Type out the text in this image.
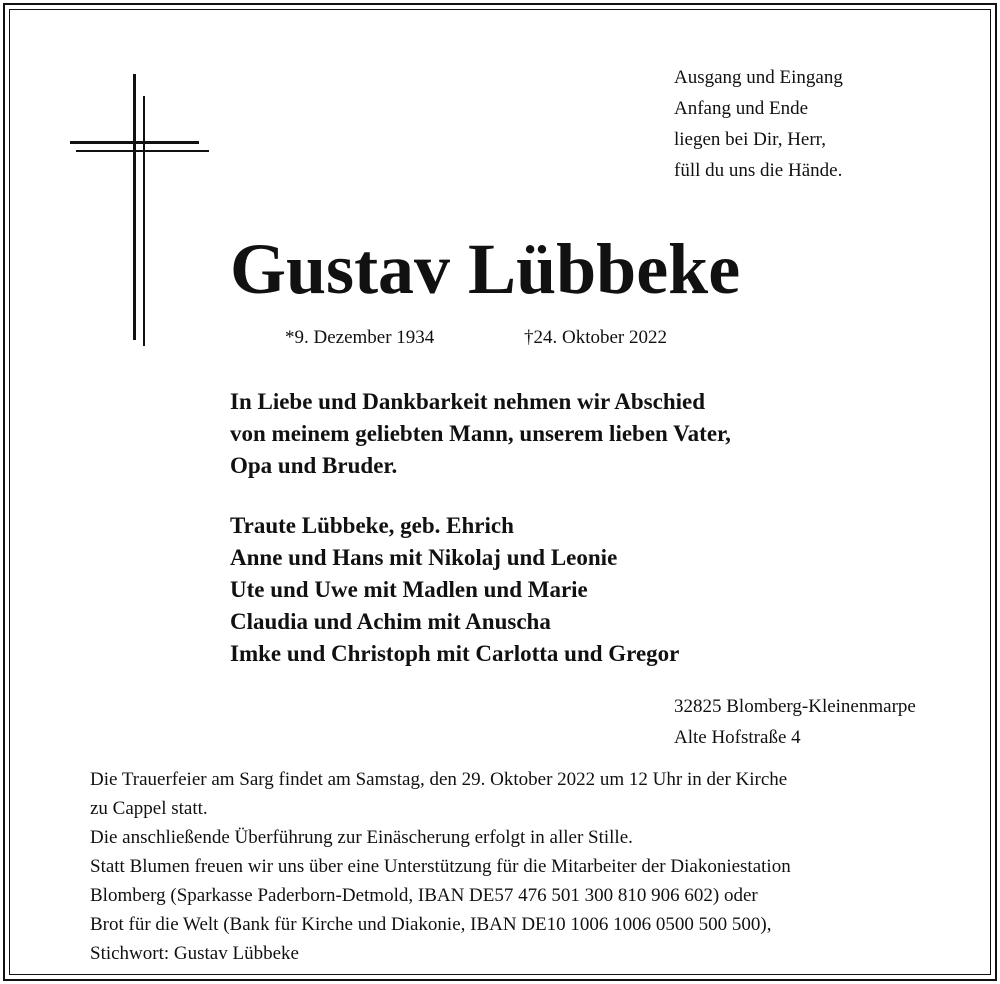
Ausgang und Eingang
Anfang und Ende
liegen bei Dir, Herr,
füll du uns die Hände.
Gustav Lübbeke
*9. Dezember 1934	†24. Oktober 2022
In Liebe und Dankbarkeit nehmen wir Abschied
von meinem geliebten Mann, unserem lieben Vater,
Opa und Bruder.
Traute Lübbeke, geb. Ehrich
Anne und Hans mit Nikolaj und Leonie
Ute und Uwe mit Madlen und Marie
Claudia und Achim mit Anuscha
Imke und Christoph mit Carlotta und Gregor
32825 Blomberg-Kleinenmarpe
Alte Hofstraße 4
Die Trauerfeier am Sarg findet am Samstag, den 29. Oktober 2022 um 12 Uhr in der Kirche
zu Cappel statt.
Die anschließende Überführung zur Einäscherung erfolgt in aller Stille.
Statt Blumen freuen wir uns über eine Unterstützung für die Mitarbeiter der Diakoniestation
Blomberg (Sparkasse Paderborn-Detmold, IBAN DE57 476 501 300 810 906 602) oder
Brot für die Welt (Bank für Kirche und Diakonie, IBAN DE10 1006 1006 0500 500 500),
Stichwort: Gustav Lübbeke
